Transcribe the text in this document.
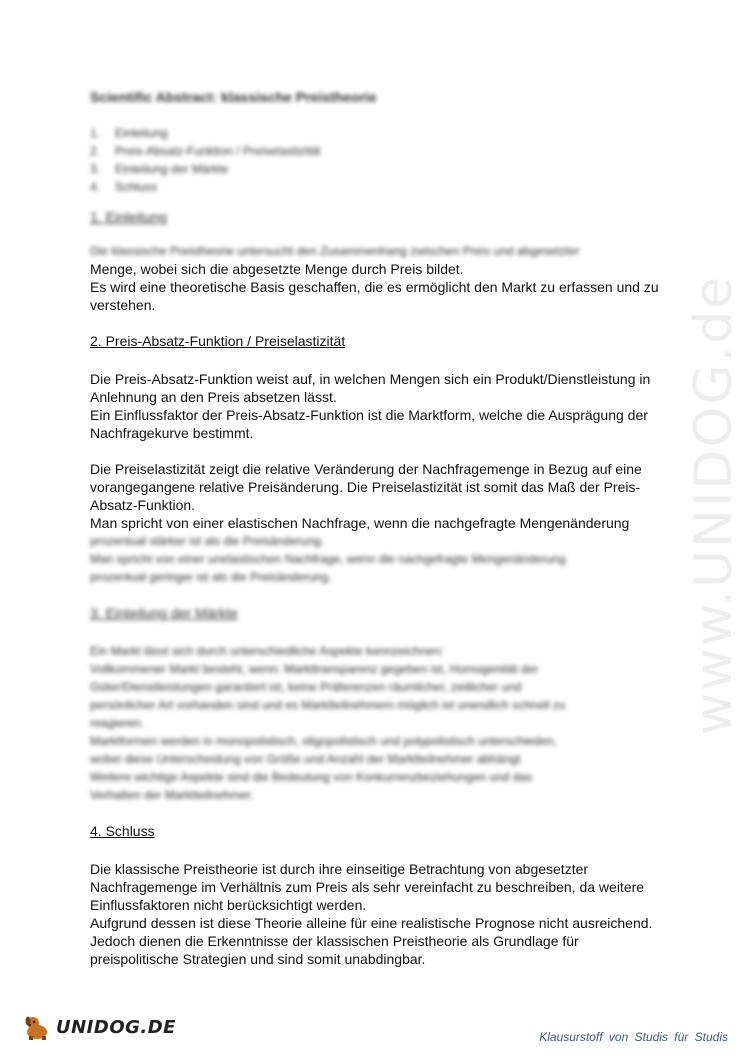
www.UNIDOG.de
Scientific Abstract: klassische Preistheorie
1.	Einleitung
2.	Preis-Absatz-Funktion / Preiselastizität
3.	Einteilung der Märkte
4.	Schluss
1. Einleitung
Die klassische Preistheorie untersucht den Zusammenhang zwischen Preis und abgesetzter
Menge, wobei sich die abgesetzte Menge durch Preis bildet.
Es wird eine theoretische Basis geschaffen, die es ermöglicht den Markt zu erfassen und zu
verstehen.
2. Preis-Absatz-Funktion / Preiselastizität
Die Preis-Absatz-Funktion weist auf, in welchen Mengen sich ein Produkt/Dienstleistung in
Anlehnung an den Preis absetzen lässt.
Ein Einflussfaktor der Preis-Absatz-Funktion ist die Marktform, welche die Ausprägung der
Nachfragekurve bestimmt.
Die Preiselastizität zeigt die relative Veränderung der Nachfragemenge in Bezug auf eine
vorangegangene relative Preisänderung. Die Preiselastizität ist somit das Maß der Preis-
Absatz-Funktion.
Man spricht von einer elastischen Nachfrage, wenn die nachgefragte Mengenänderung
prozentual stärker ist als die Preisänderung.
Man spricht von einer unelastischen Nachfrage, wenn die nachgefragte Mengenänderung
prozentual geringer ist als die Preisänderung.
3. Einteilung der Märkte
Ein Markt lässt sich durch unterschiedliche Aspekte kennzeichnen:
Vollkommener Markt besteht, wenn: Markttransparenz gegeben ist, Homogenität der
Güter/Dienstleistungen garantiert ist, keine Präferenzen räumlicher, zeitlicher und
persönlicher Art vorhanden sind und es Marktteilnehmern möglich ist unendlich schnell zu
reagieren.
Marktformen werden in monopolistisch, oligopolistisch und polypolistisch unterschieden,
wobei diese Unterscheidung von Größe und Anzahl der Marktteilnehmer abhängt.
Weitere wichtige Aspekte sind die Bedeutung von Konkurrenzbeziehungen und das
Verhalten der Marktteilnehmer.
4. Schluss
Die klassische Preistheorie ist durch ihre einseitige Betrachtung von abgesetzter
Nachfragemenge im Verhältnis zum Preis als sehr vereinfacht zu beschreiben, da weitere
Einflussfaktoren nicht berücksichtigt werden.
Aufgrund dessen ist diese Theorie alleine für eine realistische Prognose nicht ausreichend.
Jedoch dienen die Erkenntnisse der klassischen Preistheorie als Grundlage für
preispolitische Strategien und sind somit unabdingbar.
UNIDOG.DE	Klausurstoff von Studis für Studis
